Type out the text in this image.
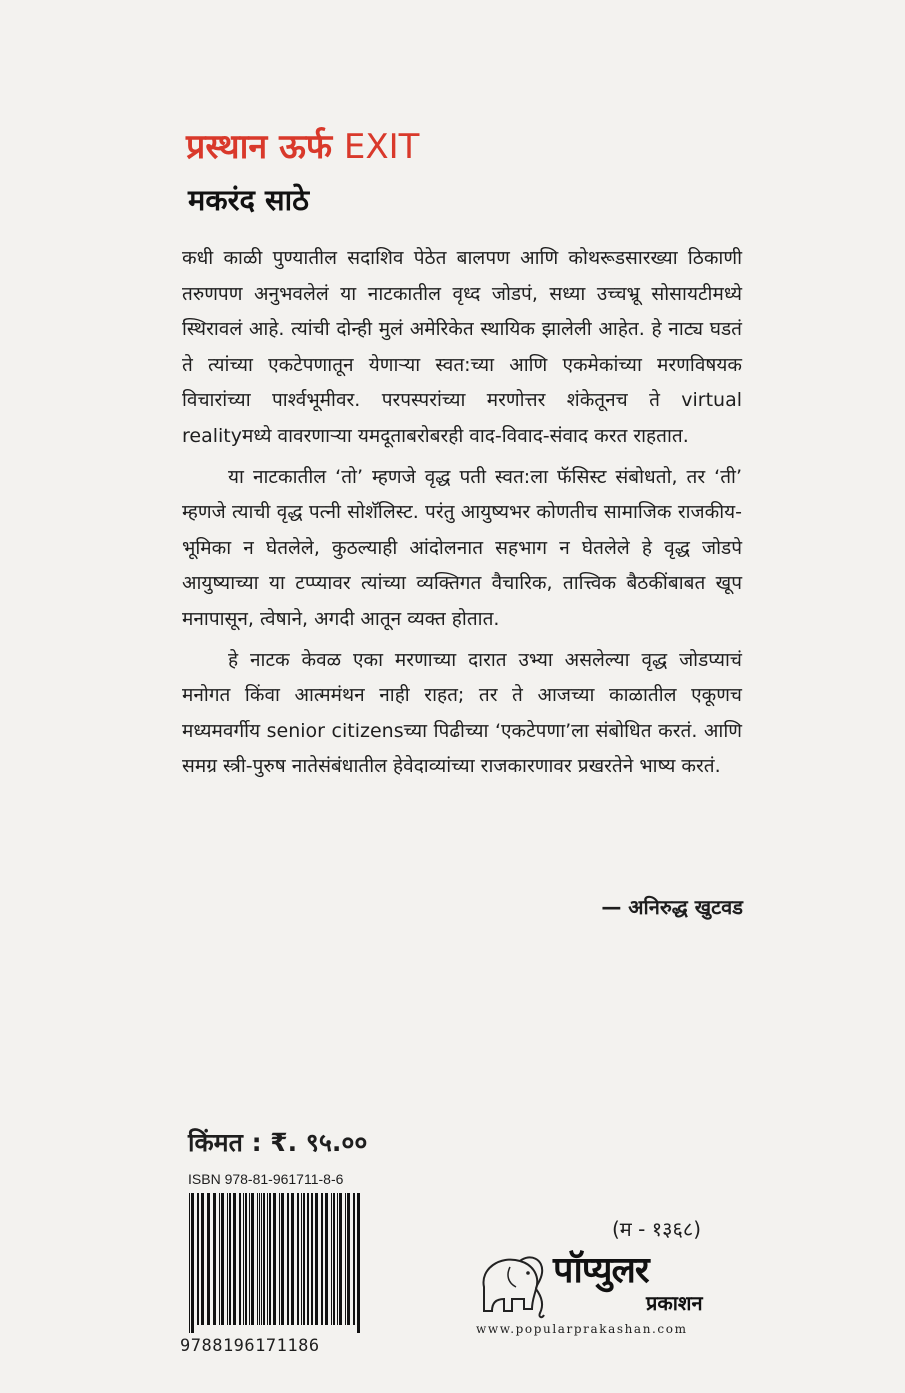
प्रस्थान ऊर्फ EXIT
मकरंद साठे

कधी काळी पुण्यातील सदाशिव पेठेत बालपण आणि कोथरूडसारख्या ठिकाणी तरुणपण अनुभवलेलं या नाटकातील वृध्द जोडपं, सध्या उच्चभ्रू सोसायटीमध्ये स्थिरावलं आहे. त्यांची दोन्ही मुलं अमेरिकेत स्थायिक झालेली आहेत. हे नाट्य घडतं ते त्यांच्या एकटेपणातून येणाऱ्या स्वत:च्या आणि एकमेकांच्या मरणविषयक विचारांच्या पार्श्वभूमीवर. परपस्परांच्या मरणोत्तर शंकेतूनच ते virtual realityमध्ये वावरणाऱ्या यमदूताबरोबरही वाद-विवाद-संवाद करत राहतात.

या नाटकातील ‘तो’ म्हणजे वृद्ध पती स्वत:ला फॅसिस्ट संबोधतो, तर ‘ती’ म्हणजे त्याची वृद्ध पत्नी सोशॅलिस्ट. परंतु आयुष्यभर कोणतीच सामाजिक राजकीय-भूमिका न घेतलेले, कुठल्याही आंदोलनात सहभाग न घेतलेले हे वृद्ध जोडपे आयुष्याच्या या टप्प्यावर त्यांच्या व्यक्तिगत वैचारिक, तात्त्विक बैठकींबाबत खूप मनापासून, त्वेषाने, अगदी आतून व्यक्त होतात.

हे नाटक केवळ एका मरणाच्या दारात उभ्या असलेल्या वृद्ध जोडप्याचं मनोगत किंवा आत्ममंथन नाही राहत; तर ते आजच्या काळातील एकूणच मध्यमवर्गीय senior citizensच्या पिढीच्या ‘एकटेपणा’ला संबोधित करतं. आणि समग्र स्त्री-पुरुष नातेसंबंधातील हेवेदाव्यांच्या राजकारणावर प्रखरतेने भाष्य करतं.

— अनिरुद्ध खुटवड
किंमत : ₹. ९५.००
ISBN 978-81-961711-8-6
9788196171186
(म - १३६८)
पॉप्युलर
प्रकाशन
www.popularprakashan.com
